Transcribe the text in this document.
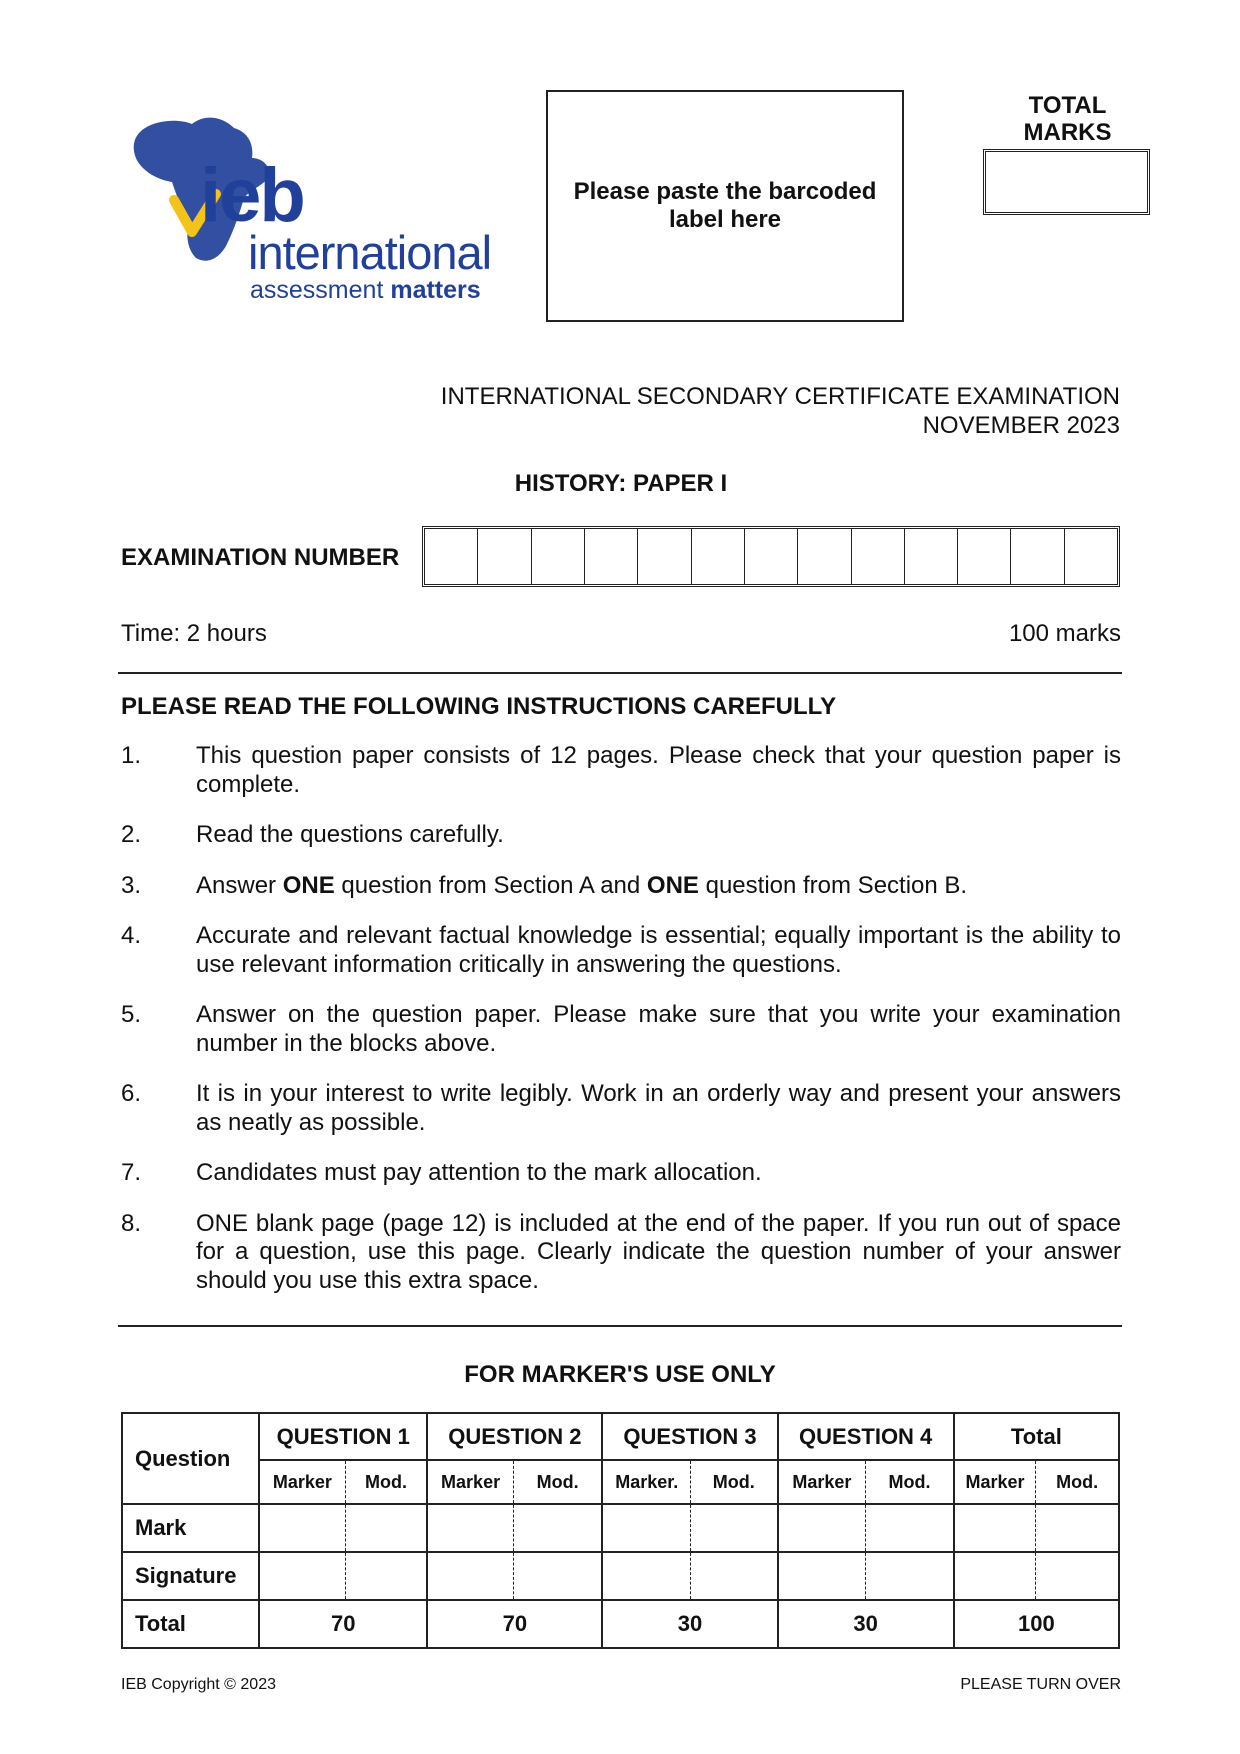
ieb
international
assessment matters
Please paste the barcoded label here
TOTAL MARKS
INTERNATIONAL SECONDARY CERTIFICATE EXAMINATION
NOVEMBER 2023
HISTORY: PAPER I
EXAMINATION NUMBER
Time: 2 hours	100 marks
PLEASE READ THE FOLLOWING INSTRUCTIONS CAREFULLY
1.	This question paper consists of 12 pages. Please check that your question paper is complete.
2.	Read the questions carefully.
3.	Answer ONE question from Section A and ONE question from Section B.
4.	Accurate and relevant factual knowledge is essential; equally important is the ability to use relevant information critically in answering the questions.
5.	Answer on the question paper. Please make sure that you write your examination number in the blocks above.
6.	It is in your interest to write legibly. Work in an orderly way and present your answers as neatly as possible.
7.	Candidates must pay attention to the mark allocation.
8.	ONE blank page (page 12) is included at the end of the paper. If you run out of space for a question, use this page. Clearly indicate the question number of your answer should you use this extra space.
FOR MARKER'S USE ONLY
Question	QUESTION 1		QUESTION 2		QUESTION 3		QUESTION 4		Total	
	Marker	Mod.	Marker	Mod.	Marker.	Mod.	Marker	Mod.	Marker	Mod.
Mark										
Signature										
Total	70		70		30		30		100	
IEB Copyright © 2023	PLEASE TURN OVER
